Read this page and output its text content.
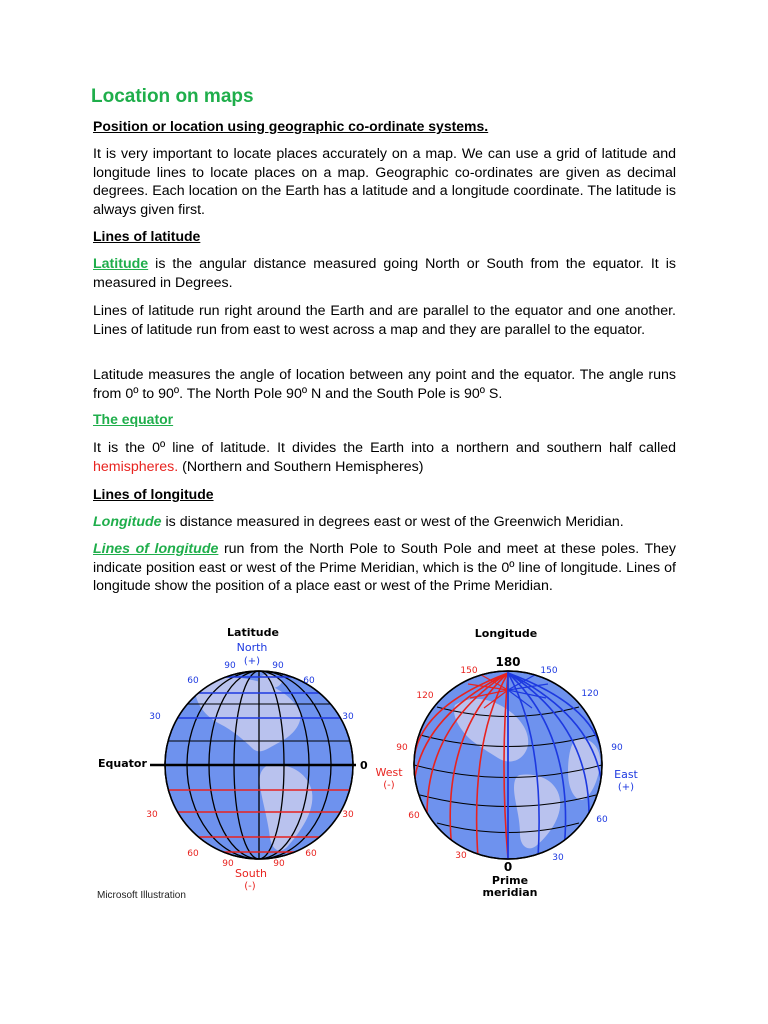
Location on maps
Position or location using geographic co-ordinate systems.

It is very important to locate places accurately on a map. We can use a grid of latitude and longitude lines to locate places on a map. Geographic co-ordinates are given as decimal degrees. Each location on the Earth has a latitude and a longitude coordinate. The latitude is always given first.

Lines of latitude

Latitude is the angular distance measured going North or South from the equator. It is measured in Degrees.

Lines of latitude run right around the Earth and are parallel to the equator and one another. Lines of latitude run from east to west across a map and they are parallel to the equator.

Latitude measures the angle of location between any point and the equator. The angle runs from 0º to 90º. The North Pole 90º N and the South Pole is 90º S.

The equator

It is the 0º line of latitude. It divides the Earth into a northern and southern half called hemispheres. (Northern and Southern Hemispheres)

Lines of longitude

Longitude is distance measured in degrees east or west of the Greenwich Meridian.

Lines of longitude run from the North Pole to South Pole and meet at these poles. They indicate position east or west of the Prime Meridian, which is the 0º line of longitude. Lines of longitude show the position of a place east or west of the Prime Meridian.

Latitude
North
(+)
90	90
60	60
30	30
Equator	0
30	30
60	60
90	90
South
(-)
Longitude
180
150	150
120	120
90	90
West
(-)
East
(+)
60	60
30	30
0
Prime
meridian
Microsoft Illustration
